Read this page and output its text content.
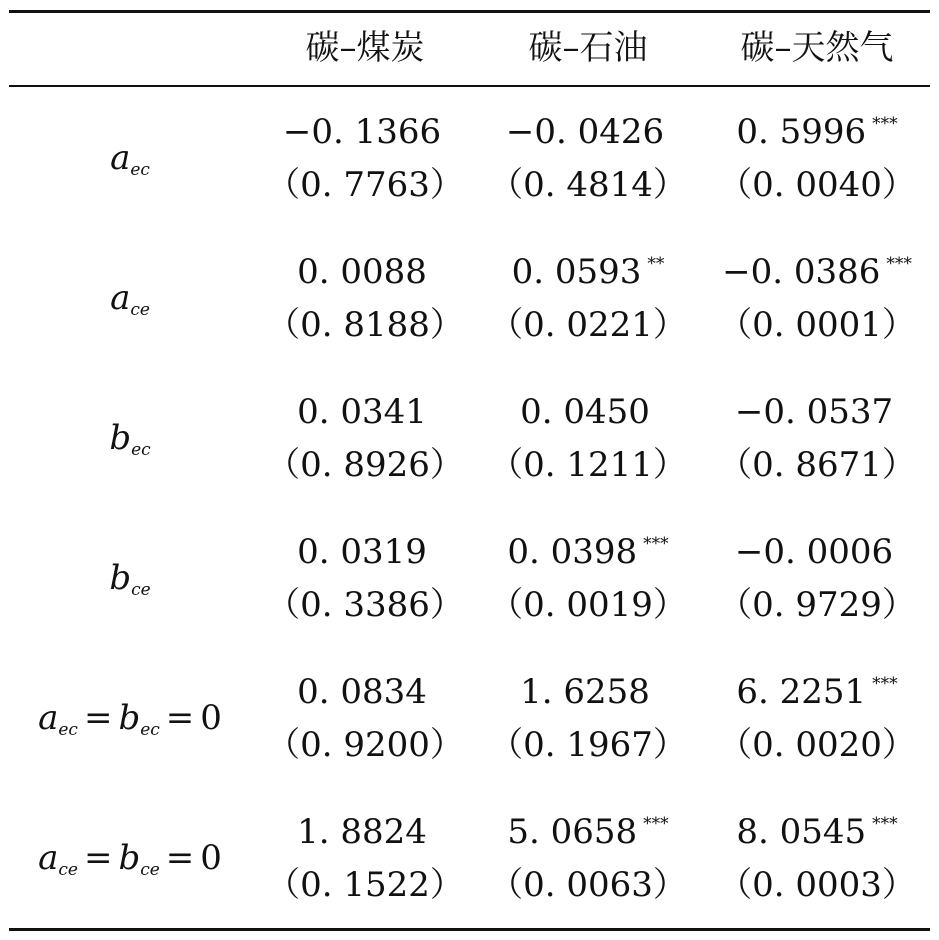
碳–煤炭	碳–石油	碳–天然气
$a_{ec}$
−0. 1366
（0. 7763）
−0. 0426
（0. 4814）
0. 5996 ***
（0. 0040）
$a_{ce}$
0. 0088
（0. 8188）
0. 0593 **
（0. 0221）
−0. 0386 ***
（0. 0001）
$b_{ec}$
0. 0341
（0. 8926）
0. 0450
（0. 1211）
−0. 0537
（0. 8671）
$b_{ce}$
0. 0319
（0. 3386）
0. 0398 ***
（0. 0019）
−0. 0006
（0. 9729）
$a_{ec} = b_{ec} = 0$
0. 0834
（0. 9200）
1. 6258
（0. 1967）
6. 2251 ***
（0. 0020）
$a_{ce} = b_{ce} = 0$
1. 8824
（0. 1522）
5. 0658 ***
（0. 0063）
8. 0545 ***
（0. 0003）
